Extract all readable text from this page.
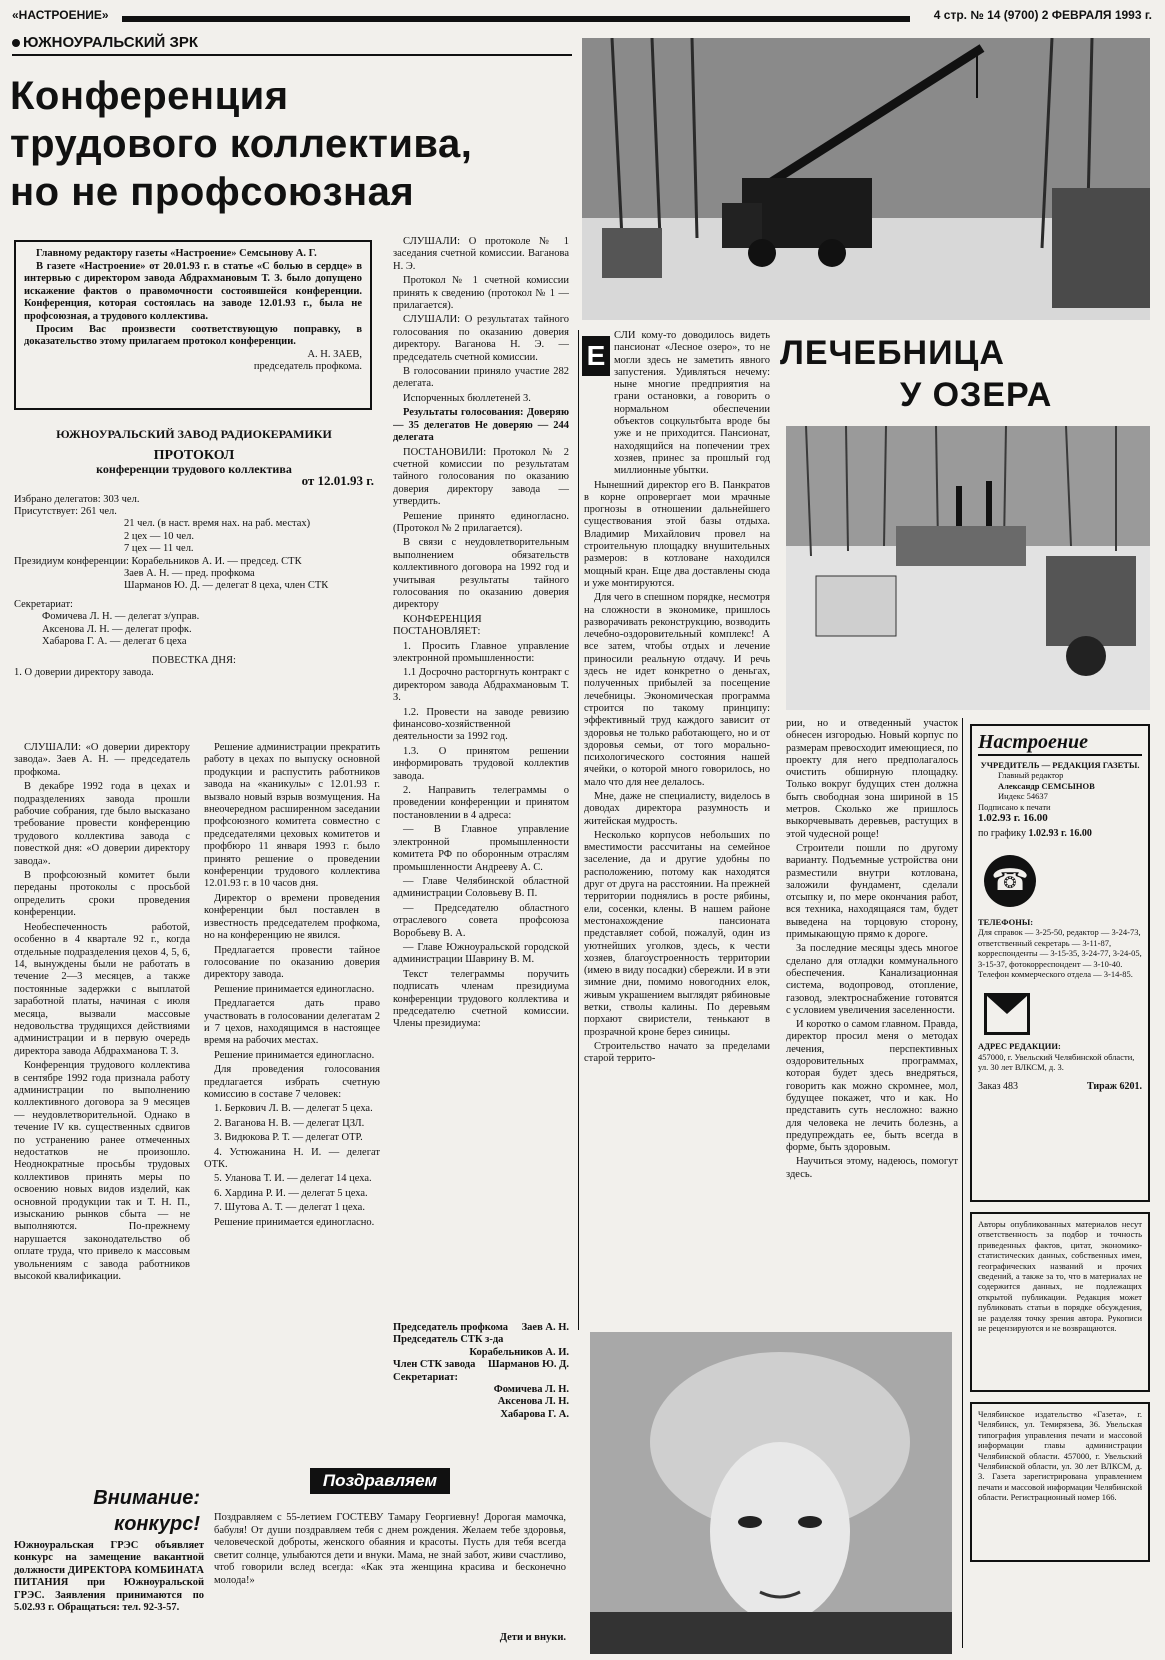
«НАСТРОЕНИЕ»	4 стр. № 14 (9700) 2 ФЕВРАЛЯ 1993 г.
ЮЖНОУРАЛЬСКИЙ ЗРК
Конференция
трудового коллектива,
но не профсоюзная

Главному редактору газеты «Настроение» Семсынову А. Г.

В газете «Настроение» от 20.01.93 г. в статье «С болью в сердце» в интервью с директором завода Абдрахмановым Т. З. было допущено искажение фактов о правомочности состоявшейся конференции. Конференция, которая состоялась на заводе 12.01.93 г., была не профсоюзная, а трудового коллектива.

Просим Вас произвести соответствующую поправку, в доказательство этому прилагаем протокол конференции.

А. Н. ЗАЕВ,
председатель профкома.
ЮЖНОУРАЛЬСКИЙ ЗАВОД РАДИОКЕРАМИКИ
ПРОТОКОЛ
конференции трудового коллектива
от 12.01.93 г.
Избрано делегатов: 303 чел.
Присутствует: 261 чел.
21 чел. (в наст. время нах. на раб. местах)
2 цех — 10 чел.
7 цех — 11 чел.
Президиум конференции: Корабельников А. И. — председ. СТК
Заев А. Н. — пред. профкома
Шарманов Ю. Д. — делегат 8 цеха, член СТК
Секретариат:
Фомичева Л. Н. — делегат з/управ.
Аксенова Л. Н. — делегат профк.
Хабарова Г. А. — делегат 6 цеха
ПОВЕСТКА ДНЯ:
1. О доверии директору завода.

СЛУШАЛИ: «О доверии директору завода». Заев А. Н. — председатель профкома.

В декабре 1992 года в цехах и подразделениях завода прошли рабочие собрания, где было высказано требование провести конференцию трудового коллектива завода с повесткой дня: «О доверии директору завода».

В профсоюзный комитет были переданы протоколы с просьбой определить сроки проведения конференции.

Необеспеченность работой, особенно в 4 квартале 92 г., когда отдельные подразделения цехов 4, 5, 6, 14, вынуждены были не работать в течение 2—3 месяцев, а также постоянные задержки с выплатой заработной платы, начиная с июля месяца, вызвали массовые недовольства трудящихся действиями администрации и в первую очередь директора завода Абдрахманова Т. З.

Конференция трудового коллектива в сентябре 1992 года признала работу администрации по выполнению коллективного договора за 9 месяцев — неудовлетворительной. Однако в течение IV кв. существенных сдвигов по устранению ранее отмеченных недостатков не произошло. Неоднократные просьбы трудовых коллективов принять меры по освоению новых видов изделий, как основной продукции так и Т. Н. П., изысканию рынков сбыта — не выполняются. По-прежнему нарушается законодательство об оплате труда, что привело к массовым увольнениям с завода работников высокой квалификации.

Решение администрации прекратить работу в цехах по выпуску основной продукции и распустить работников завода на «каникулы» с 12.01.93 г. вызвало новый взрыв возмущения. На внеочередном расширенном заседании профсоюзного комитета совместно с председателями цеховых комитетов и профбюро 11 января 1993 г. было принято решение о проведении конференции трудового коллектива 12.01.93 г. в 10 часов дня.

Директор о времени проведения конференции был поставлен в известность председателем профкома, но на конференцию не явился.

Предлагается провести тайное голосование по оказанию доверия директору завода.

Решение принимается единогласно.

Предлагается дать право участвовать в голосовании делегатам 2 и 7 цехов, находящимся в настоящее время на рабочих местах.

Решение принимается единогласно.

Для проведения голосования предлагается избрать счетную комиссию в составе 7 человек:

1. Беркович Л. В. — делегат 5 цеха.

2. Ваганова Н. В. — делегат ЦЗЛ.

3. Видюкова Р. Т. — делегат ОТР.

4. Устюжанина Н. И. — делегат ОТК.

5. Уланова Т. И. — делегат 14 цеха.

6. Хардина Р. И. — делегат 5 цеха.

7. Шутова А. Т. — делегат 1 цеха.

Решение принимается единогласно.

СЛУШАЛИ: О протоколе № 1 заседания счетной комиссии. Ваганова Н. Э.

Протокол № 1 счетной комиссии принять к сведению (протокол № 1 — прилагается).

СЛУШАЛИ: О результатах тайного голосования по оказанию доверия директору. Ваганова Н. Э. — председатель счетной комиссии.

В голосовании приняло участие 282 делегата.

Испорченных бюллетеней 3.

Результаты голосования: Доверяю — 35 делегатов Не доверяю — 244 делегата

ПОСТАНОВИЛИ: Протокол № 2 счетной комиссии по результатам тайного голосования по оказанию доверия директору завода — утвердить.

Решение принято единогласно. (Протокол № 2 прилагается).

В связи с неудовлетворительным выполнением обязательств коллективного договора на 1992 год и учитывая результаты тайного голосования по оказанию доверия директору

КОНФЕРЕНЦИЯ ПОСТАНОВЛЯЕТ:

1. Просить Главное управление электронной промышленности:

1.1 Досрочно расторгнуть контракт с директором завода Абдрахмановым Т. З.

1.2. Провести на заводе ревизию финансово-хозяйственной деятельности за 1992 год.

1.3. О принятом решении информировать трудовой коллектив завода.

2. Направить телеграммы о проведении конференции и принятом постановлении в 4 адреса:

— В Главное управление электронной промышленности комитета РФ по оборонным отраслям промышленности Андрееву А. С.

— Главе Челябинской областной администрации Соловьеву В. П.

— Председателю областного отраслевого совета профсоюза Воробьеву В. А.

— Главе Южноуральской городской администрации Шаврину В. М.

Текст телеграммы поручить подписать членам президиума конференции трудового коллектива и председателю счетной комиссии. Члены президиума:

Председатель профкома Заев А. Н.
Председатель СТК з-да
Корабельников А. И.
Член СТК завода Шарманов Ю. Д.
Секретариат:
Фомичева Л. Н.
Аксенова Л. Н.
Хабарова Г. А.
Внимание: конкурс!
Южноуральская ГРЭС объявляет конкурс на замещение вакантной должности ДИРЕКТОРА КОМБИНАТА ПИТАНИЯ при Южноуральской ГРЭС. Заявления принимаются по 5.02.93 г. Обращаться: тел. 92-3-57.
Поздравляем
Поздравляем с 55-летием ГОСТЕВУ Тамару Георгиевну! Дорогая мамочка, бабуля! От души поздравляем тебя с днем рождения. Желаем тебе здоровья, человеческой доброты, женского обаяния и красоты. Пусть для тебя всегда светит солнце, улыбаются дети и внуки. Мама, не знай забот, живи счастливо, чтоб говорили вслед всегда: «Как эта женщина красива и бесконечно молода!»
Дети и внуки.
Е	ЛЕЧЕБНИЦА
У ОЗЕРА

СЛИ кому-то доводилось видеть пансионат «Лесное озеро», то не могли здесь не заметить явного запустения. Удивляться нечему: ныне многие предприятия на грани остановки, а говорить о нормальном обеспечении объектов соцкультбыта вроде бы уже и не приходится. Пансионат, находящийся на попечении трех хозяев, принес за прошлый год миллионные убытки.

Нынешний директор его В. Панкратов в корне опровергает мои мрачные прогнозы в отношении дальнейшего существования этой базы отдыха. Владимир Михайлович провел на строительную площадку внушительных размеров: в котловане находился мощный кран. Еще два доставлены сюда и уже монтируются.

Для чего в спешном порядке, несмотря на сложности в экономике, пришлось разворачивать реконструкцию, возводить лечебно-оздоровительный комплекс! А все затем, чтобы отдых и лечение приносили реальную отдачу. И речь здесь не идет конкретно о деньгах, полученных прибылей за посещение лечебницы. Экономическая программа строится по такому принципу: эффективный труд каждого зависит от здоровья не только работающего, но и от здоровья семьи, от того морально-психологического состояния нашей ячейки, о которой много говорилось, но мало что для нее делалось.

Мне, даже не специалисту, виделось в доводах директора разумность и житейская мудрость.

Несколько корпусов небольших по вместимости рассчитаны на семейное заселение, да и другие удобны по расположению, потому как находятся друг от друга на расстоянии. На прежней территории поднялись в росте рябины, ели, сосенки, клены. В нашем районе местонахождение пансионата представляет собой, пожалуй, один из уютнейших уголков, здесь, к чести хозяев, благоустроенность территории (имею в виду посадки) сбережли. И в эти зимние дни, помимо новогодних елок, живым украшением выглядят рябиновые ветки, стволы калины. По деревьям порхают свиристели, тенькают в прозрачной кроне берез синицы.

Строительство начато за пределами старой террито-

рии, но и отведенный участок обнесен изгородью. Новый корпус по размерам превосходит имеющиеся, по проекту для него предполагалось очистить обширную площадку. Только вокруг будущих стен должна быть свободная зона шириной в 15 метров. Сколько же пришлось выкорчевывать деревьев, растущих в этой чудесной роще!

Строители пошли по другому варианту. Подъемные устройства они разместили внутри котлована, заложили фундамент, сделали отсыпку и, по мере окончания работ, вся техника, находящаяся там, будет выведена на торцовую сторону, примыкающую прямо к дороге.

За последние месяцы здесь многое сделано для отладки коммунального обеспечения. Канализационная система, водопровод, отопление, газовод, электроснабжение готовятся с условием увеличения заселенности.

И коротко о самом главном. Правда, директор просил меня о методах лечения, перспективных оздоровительных программах, которая будет здесь внедряться, говорить как можно скромнее, мол, будущее покажет, что и как. Но представить суть несложно: важно для человека не лечить болезнь, а предупреждать ее, быть всегда в форме, быть здоровым.

Научиться этому, надеюсь, помогут здесь.

Настроение
УЧРЕДИТЕЛЬ — РЕДАКЦИЯ ГАЗЕТЫ.
Главный редактор
Александр СЕМСЫНОВ
Индекс 54637
Подписано к печати
1.02.93 г. 16.00
по графику 1.02.93 г. 16.00
☎
ТЕЛЕФОНЫ:
Для справок — 3-25-50, редактор — 3-24-73, ответственный секретарь — 3-11-87, корреспонденты — 3-15-35, 3-24-77, 3-24-05, 3-15-37, фотокорреспондент — 3-10-40.
Телефон коммерческого отдела — 3-14-85.
АДРЕС РЕДАКЦИИ:
457000, г. Увельский Челябинской области, ул. 30 лет ВЛКСМ, д. 3.
Заказ 483	Тираж 6201.
Авторы опубликованных материалов несут ответственность за подбор и точность приведенных фактов, цитат, экономико-статистических данных, собственных имен, географических названий и прочих сведений, а также за то, что в материалах не содержится данных, не подлежащих открытой публикации. Редакция может публиковать статьи в порядке обсуждения, не разделяя точку зрения автора. Рукописи не рецензируются и не возвращаются.
Челябинское издательство «Газета», г. Челябинск, ул. Темирязева, 36. Увельская типография управления печати и массовой информации главы администрации Челябинской области. 457000, г. Увельский Челябинской области, ул. 30 лет ВЛКСМ, д. 3. Газета зарегистрирована управлением печати и массовой информации Челябинской области. Регистрационный номер 166.
